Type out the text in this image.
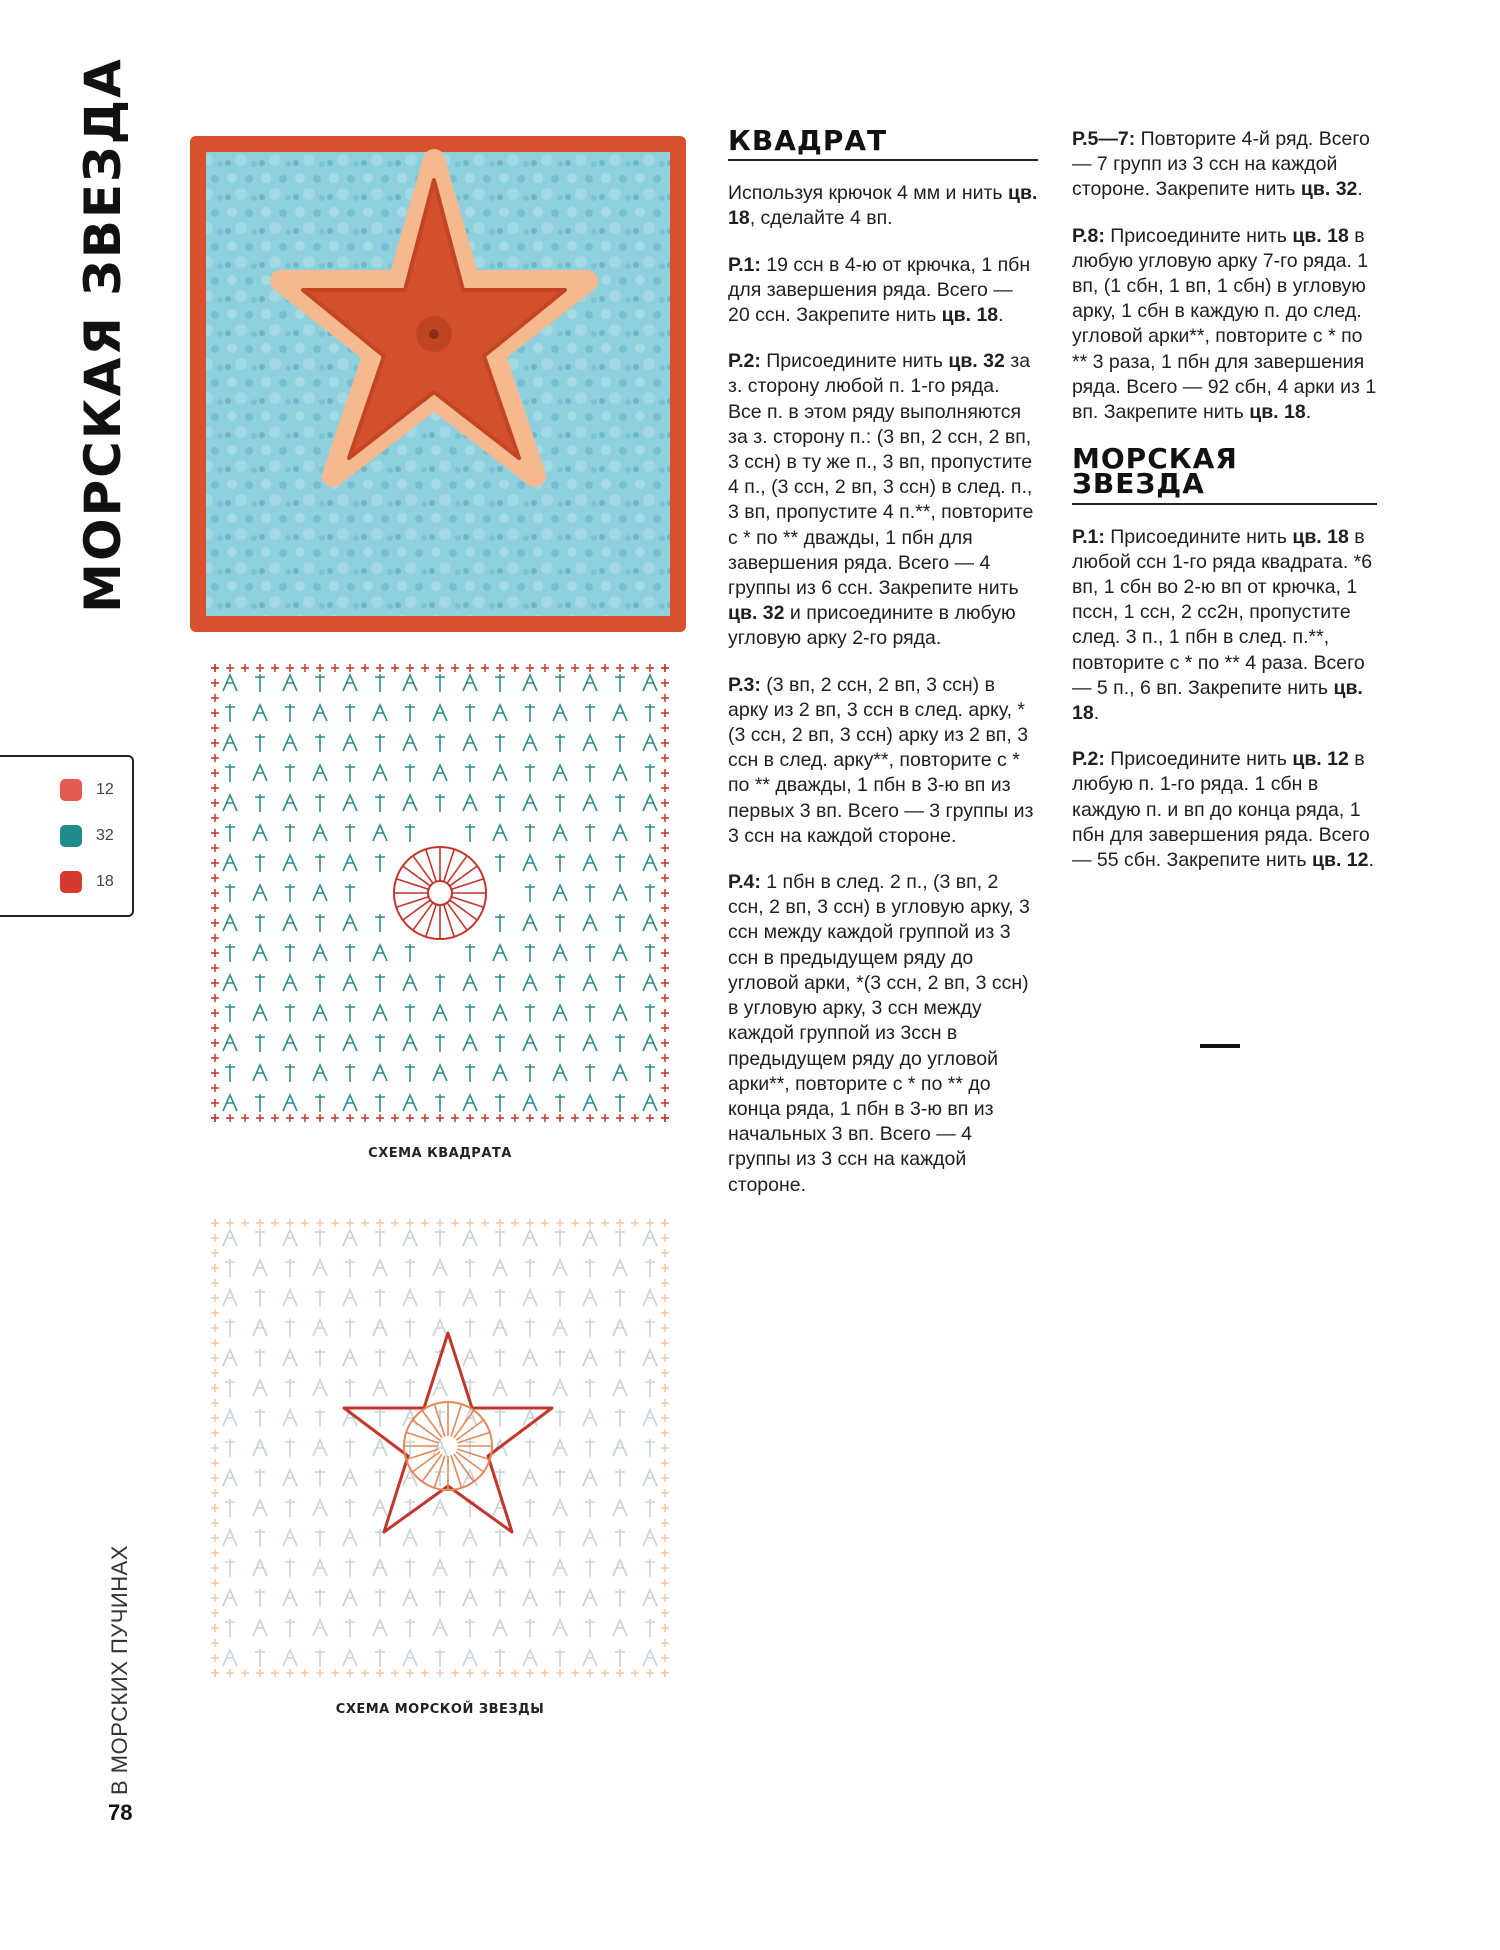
МОРСКАЯ ЗВЕЗДА
12
32
18
СХЕМА КВАДРАТА
СХЕМА МОРСКОЙ ЗВЕЗДЫ
КВАДРАТ

Используя крючок 4 мм и нить цв. 18, сделайте 4 вп.

Р.1: 19 ссн в 4-ю от крючка, 1 пбн для завершения ряда. Всего — 20 ссн. Закрепите нить цв. 18.

Р.2: Присоедините нить цв. 32 за з. сторону любой п. 1-го ряда. Все п. в этом ряду выполняются за з. сторону п.: (3 вп, 2 ссн, 2 вп, 3 ссн) в ту же п., 3 вп, пропустите 4 п., (3 ссн, 2 вп, 3 ссн) в след. п., 3 вп, пропустите 4 п.**, повторите с * по ** дважды, 1 пбн для завершения ряда. Всего — 4 группы из 6 ссн. Закрепите нить цв. 32 и присоедините в любую угловую арку 2-го ряда.

Р.3: (3 вп, 2 ссн, 2 вп, 3 ссн) в арку из 2 вп, 3 ссн в след. арку, *(3 ссн, 2 вп, 3 ссн) арку из 2 вп, 3 ссн в след. арку**, повторите с * по ** дважды, 1 пбн в 3-ю вп из первых 3 вп. Всего — 3 группы из 3 ссн на каждой стороне.

Р.4: 1 пбн в след. 2 п., (3 вп, 2 ссн, 2 вп, 3 ссн) в угловую арку, 3 ссн между каждой группой из 3 ссн в предыдущем ряду до угловой арки, *(3 ссн, 2 вп, 3 ссн) в угловую арку, 3 ссн между каждой группой из 3ссн в предыдущем ряду до угловой арки**, повторите с * по ** до конца ряда, 1 пбн в 3-ю вп из начальных 3 вп. Всего — 4 группы из 3 ссн на каждой стороне.

Р.5—7: Повторите 4-й ряд. Всего — 7 групп из 3 ссн на каждой стороне. Закрепите нить цв. 32.

Р.8: Присоедините нить цв. 18 в любую угловую арку 7-го ряда. 1 вп, (1 сбн, 1 вп, 1 сбн) в угловую арку, 1 сбн в каждую п. до след. угловой арки**, повторите с * по ** 3 раза, 1 пбн для завершения ряда. Всего — 92 сбн, 4 арки из 1 вп. Закрепите нить цв. 18.

МОРСКАЯ ЗВЕЗДА

Р.1: Присоедините нить цв. 18 в любой ссн 1-го ряда квадрата. *6 вп, 1 сбн во 2-ю вп от крючка, 1 пссн, 1 ссн, 2 сс2н, пропустите след. 3 п., 1 пбн в след. п.**, повторите с * по ** 4 раза. Всего — 5 п., 6 вп. Закрепите нить цв. 18.

Р.2: Присоедините нить цв. 12 в любую п. 1-го ряда. 1 сбн в каждую п. и вп до конца ряда, 1 пбн для завершения ряда. Всего — 55 сбн. Закрепите нить цв. 12.

В МОРСКИХ ПУЧИНАХ
78
